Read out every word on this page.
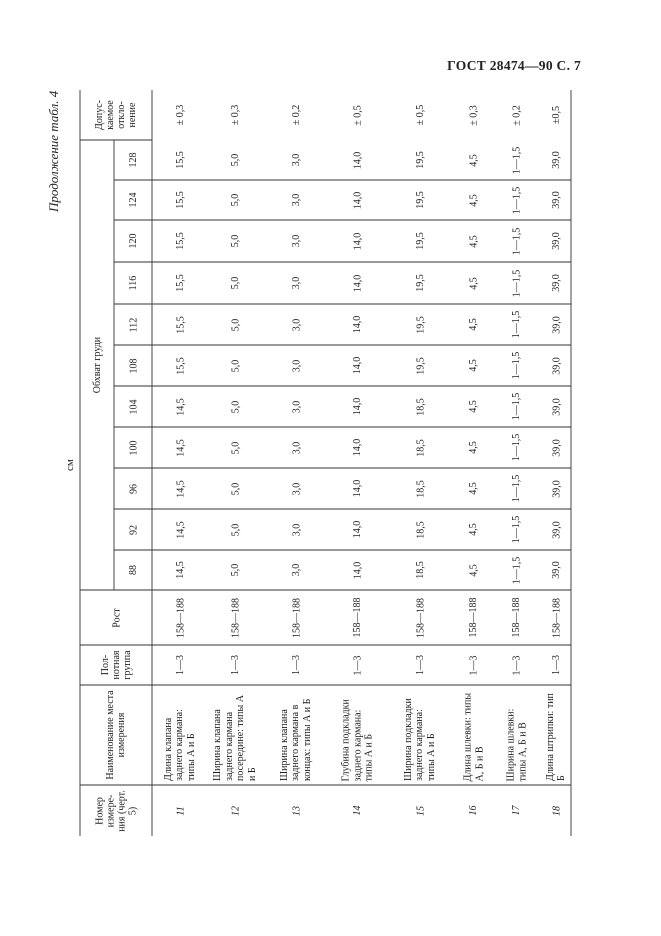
ГОСТ 28474—90 С. 7
Продолжение табл. 4
см
Номер измере-ния (черт. 5)
Наименование места измерения
Пол-нотная группа
Рост
Обхват груди
Допус-каемое откло-нение
88
92
96
100
104
108
112
116
120
124
128
11
Длина клапана заднего кармана: типы А и Б
1—3
158—188
14,5
14,5
14,5
14,5
14,5
15,5
15,5
15,5
15,5
15,5
15,5
± 0,3
12
Ширина клапана заднего кармана посередине: типы А и Б
1—3
158—188
5,0
5,0
5,0
5,0
5,0
5,0
5,0
5,0
5,0
5,0
5,0
± 0,3
13
Ширина клапана заднего кармана в концах: типы А и Б
1—3
158—188
3,0
3,0
3,0
3,0
3,0
3,0
3,0
3,0
3,0
3,0
3,0
± 0,2
14
Глубина подкладки заднего кармана: типы А и Б
1—3
158—188
14,0
14,0
14,0
14,0
14,0
14,0
14,0
14,0
14,0
14,0
14,0
± 0,5
15
Ширина подкладки заднего кармана: типы А и Б
1—3
158—188
18,5
18,5
18,5
18,5
18,5
19,5
19,5
19,5
19,5
19,5
19,5
± 0,5
16
Длина шлевки: типы А, Б и В
1—3
158—188
4,5
4,5
4,5
4,5
4,5
4,5
4,5
4,5
4,5
4,5
4,5
± 0,3
17
Ширина шлевки: типы А, Б и В
1—3
158—188
1—1,5
1—1,5
1—1,5
1—1,5
1—1,5
1—1,5
1—1,5
1—1,5
1—1,5
1—1,5
1—1,5
± 0,2
18
Длина штрипки: тип Б
1—3
158—188
39,0
39,0
39,0
39,0
39,0
39,0
39,0
39,0
39,0
39,0
39,0
±0,5
